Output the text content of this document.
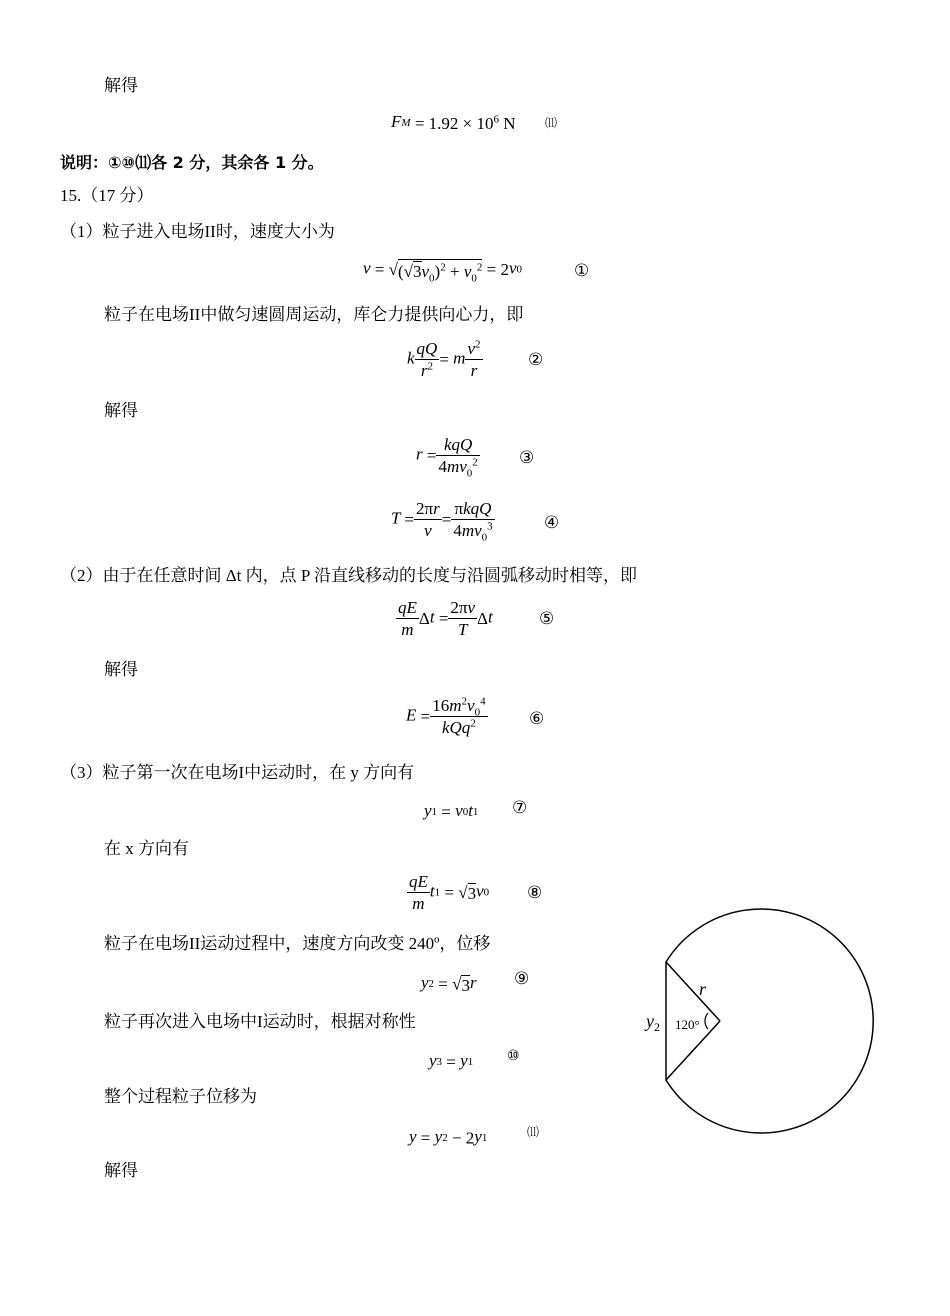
解得
FM = $1.92 \times 10^6$ N ⑾
说明：①⑩⑾各 2 分，其余各 1 分。
15.（17 分）
（1）粒子进入电场II时，速度大小为
$v = √(√3v_0)^2 + v_0^2 = 2v0$	①
粒子在电场II中做匀速圆周运动，库仑力提供向心力，即
k $\frac{qQ}{r^2} = m \frac{v^2}{r}$	②
解得
$r = \frac{\text{kqQ}}{4mv_0^2}$ ③
$T = \frac{2\pi r}{v} = \frac{\text{πkqQ}}{4mv_0^3}$	④
（2）由于在任意时间 Δt 内，点 P 沿直线移动的长度与沿圆弧移动时相等，即
$\frac{qE}{m}$ $\Delta t = \frac{2\pi v}{T}$ Δt	⑤
解得
$E = \frac{16m^2v_0^4}{kQq^2}$ ⑥
（3）粒子第一次在电场I中运动时，在 y 方向有
y1 = v0t1 ⑦
在 x 方向有
$\frac{qE}{m} t1 = √3v0$ ⑧
粒子在电场II运动过程中，速度方向改变 240º，位移
y2 = √3r ⑨
粒子再次进入电场中I运动时，根据对称性
y3 = y1 ⑩
整个过程粒子位移为
y = y2 − 2y1	⑾
解得
$y_2$
r
120°
